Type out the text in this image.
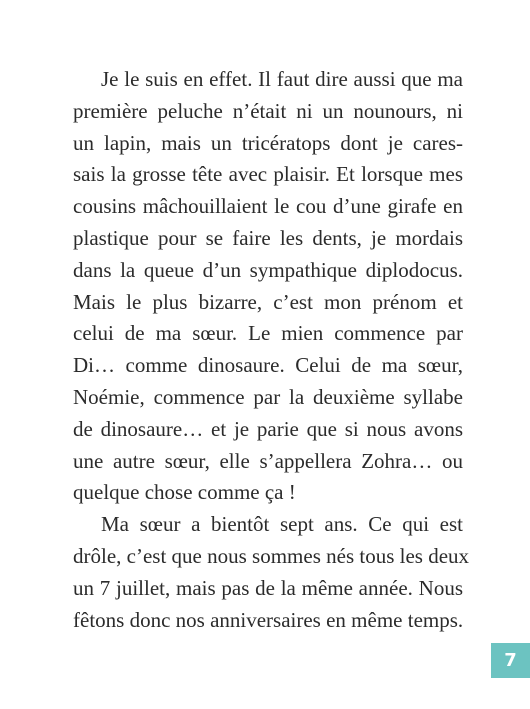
Je le suis en effet. Il faut dire aussi que ma
première peluche n’était ni un nounours, ni
un lapin, mais un tricératops dont je cares-
sais la grosse tête avec plaisir. Et lorsque mes
cousins mâchouillaient le cou d’une girafe en
plastique pour se faire les dents, je mordais
dans la queue d’un sympathique diplodocus.
Mais le plus bizarre, c’est mon prénom et
celui de ma sœur. Le mien commence par
Di… comme dinosaure. Celui de ma sœur,
Noémie, commence par la deuxième syllabe
de dinosaure… et je parie que si nous avons
une autre sœur, elle s’appellera Zohra… ou
quelque chose comme ça !
Ma sœur a bientôt sept ans. Ce qui est
drôle, c’est que nous sommes nés tous les deux
un 7 juillet, mais pas de la même année. Nous
fêtons donc nos anniversaires en même temps.
7
